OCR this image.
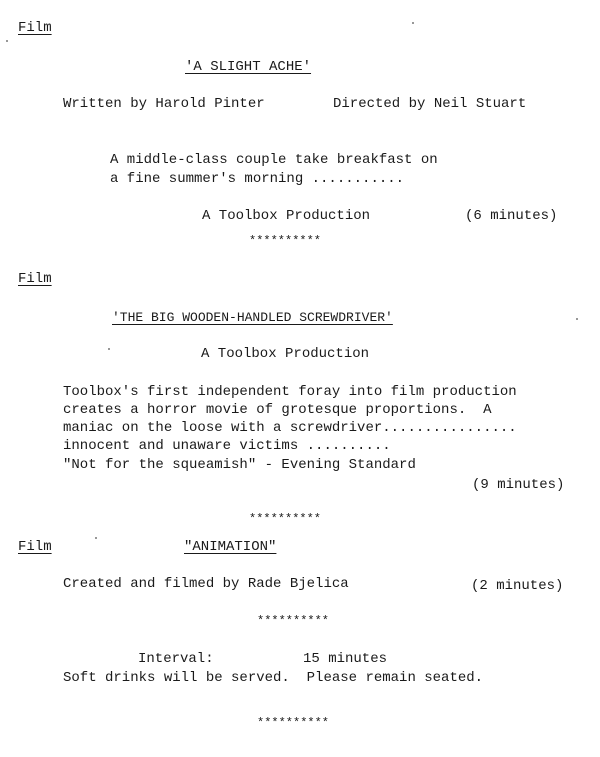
Film
'A SLIGHT ACHE'
Written by Harold Pinter	Directed by Neil Stuart
A middle-class couple take breakfast on
a fine summer's morning ...........
A Toolbox Production	(6 minutes)
**********
Film
'THE BIG WOODEN-HANDLED SCREWDRIVER'
A Toolbox Production
Toolbox's first independent foray into film production
creates a horror movie of grotesque proportions.  A
maniac on the loose with a screwdriver................
innocent and unaware victims ..........
"Not for the squeamish" - Evening Standard
(9 minutes)
**********
Film	"ANIMATION"
Created and filmed by Rade Bjelica	(2 minutes)
**********
Interval:	15 minutes
Soft drinks will be served.  Please remain seated.
**********
